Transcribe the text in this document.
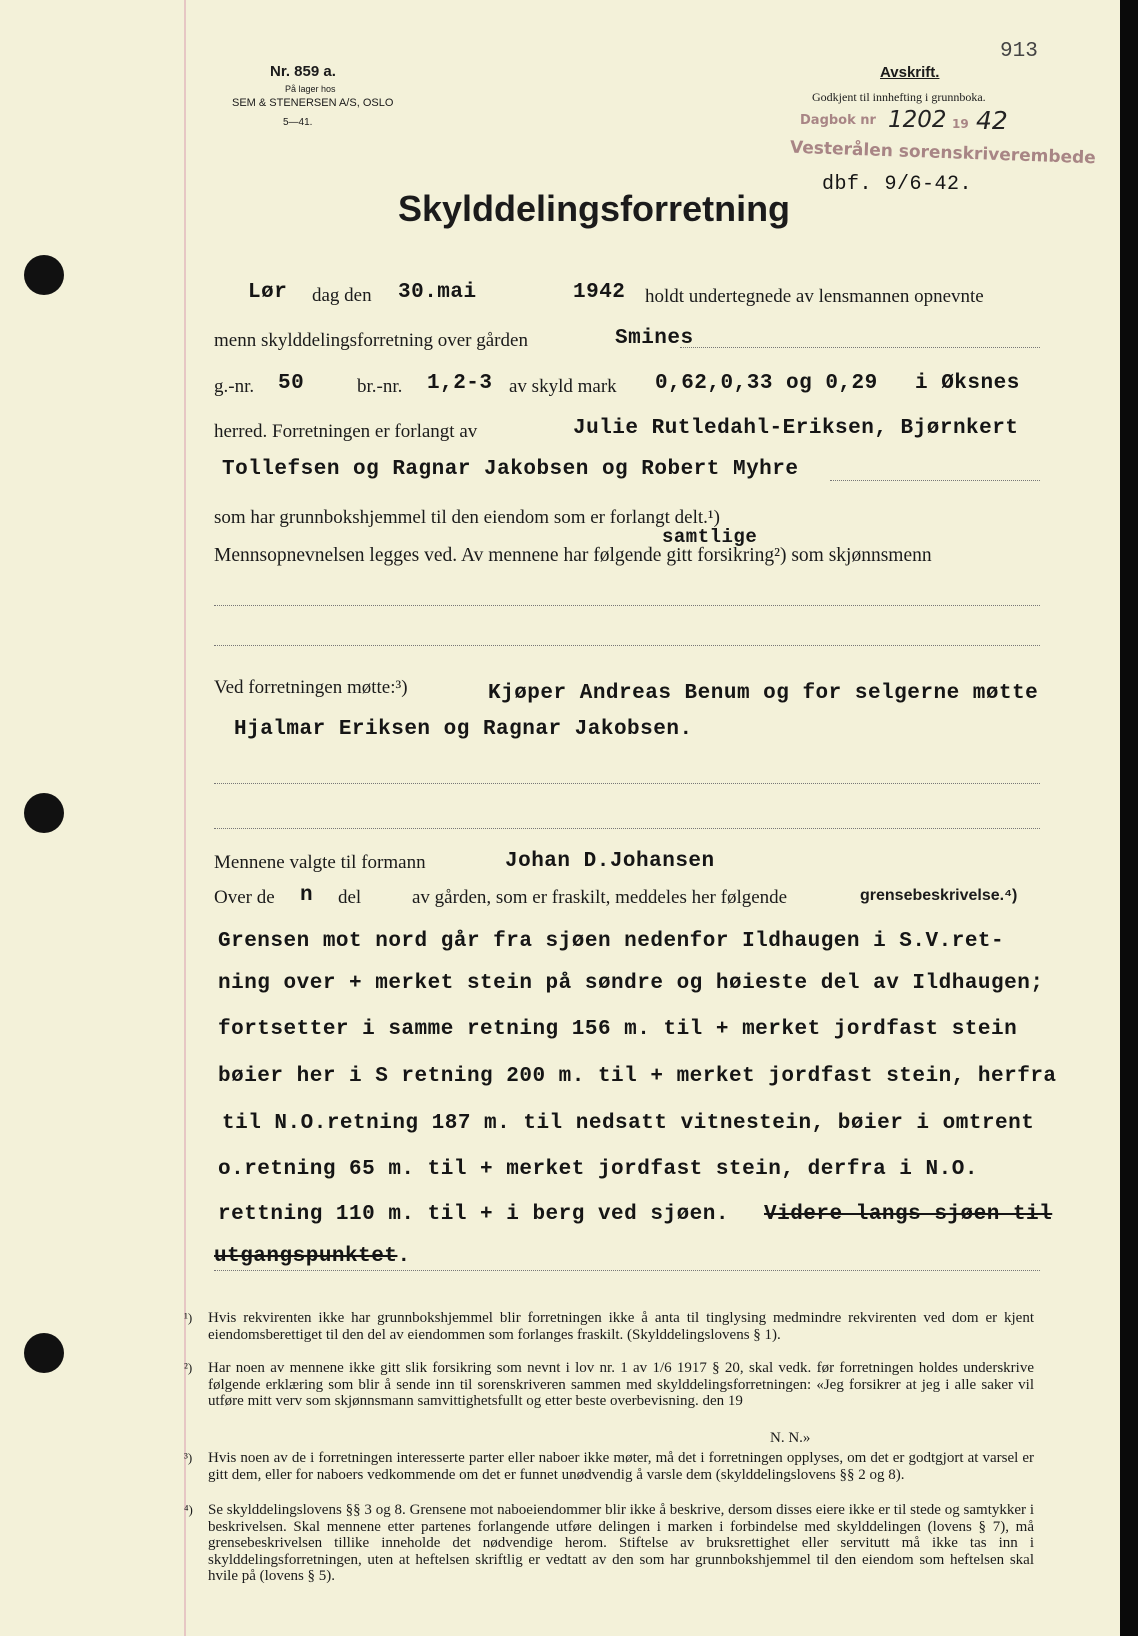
Nr. 859 a.
På lager hos
SEM & STENERSEN A/S, OSLO
5—41.
913
Avskrift.
Godkjent til innhefting i grunnboka.
Dagbok nr 1202 19 42
Vesterålen sorenskriverembede
dbf. 9/6-42.
Skylddelingsforretning
Lør dag den 30.mai	1942 holdt undertegnede av lensmannen opnevnte
menn skylddelingsforretning over gården	Smines
g.-nr. 50	br.-nr. 1,2-3 av skyld mark 0,62,0,33 og 0,29 i Øksnes
herred. Forretningen er forlangt av	Julie Rutledahl-Eriksen, Bjørnkert
Tollefsen og Ragnar Jakobsen og Robert Myhre
som har grunnbokshjemmel til den eiendom som er forlangt delt.¹)
samtlige
Mennsopnevnelsen legges ved. Av mennene har følgende gitt forsikring²) som skjønnsmenn
Ved forretningen møtte:³)	Kjøper Andreas Benum og for selgerne møtte
Hjalmar Eriksen og Ragnar Jakobsen.
Mennene valgte til formann	Johan D.Johansen
Over de n del	av gården, som er fraskilt, meddeles her følgende	grensebeskrivelse.⁴)
Grensen mot nord går fra sjøen nedenfor Ildhaugen i S.V.ret-
ning over + merket stein på søndre og høieste del av Ildhaugen;
fortsetter i samme retning 156 m. til + merket jordfast stein
bøier her i S retning 200 m. til + merket jordfast stein, herfra
til N.O.retning 187 m. til nedsatt vitnestein, bøier i omtrent
o.retning 65 m. til + merket jordfast stein, derfra i N.O.
rettning 110 m. til + i berg ved sjøen. Videre langs sjøen til
utgangspunktet.
¹) Hvis rekvirenten ikke har grunnbokshjemmel blir forretningen ikke å anta til tinglysing medmindre rekvirenten ved dom er kjent eiendomsberettiget til den del av eiendommen som forlanges fraskilt. (Skylddelingslovens § 1).
²) Har noen av mennene ikke gitt slik forsikring som nevnt i lov nr. 1 av 1/6 1917 § 20, skal vedk. før forretningen holdes underskrive følgende erklæring som blir å sende inn til sorenskriveren sammen med skylddelingsforretningen: «Jeg forsikrer at jeg i alle saker vil utføre mitt verv som skjønnsmann samvittighetsfullt og etter beste overbevisning. den 19
N. N.»
³) Hvis noen av de i forretningen interesserte parter eller naboer ikke møter, må det i forretningen opplyses, om det er godtgjort at varsel er gitt dem, eller for naboers vedkommende om det er funnet unødvendig å varsle dem (skylddelingslovens §§ 2 og 8).
⁴) Se skylddelingslovens §§ 3 og 8. Grensene mot naboeiendommer blir ikke å beskrive, dersom disses eiere ikke er til stede og samtykker i beskrivelsen. Skal mennene etter partenes forlangende utføre delingen i marken i forbindelse med skylddelingen (lovens § 7), må grensebeskrivelsen tillike inneholde det nødvendige herom. Stiftelse av bruksrettighet eller servitutt må ikke tas inn i skylddelingsforretningen, uten at heftelsen skriftlig er vedtatt av den som har grunnbokshjemmel til den eiendom som heftelsen skal hvile på (lovens § 5).
